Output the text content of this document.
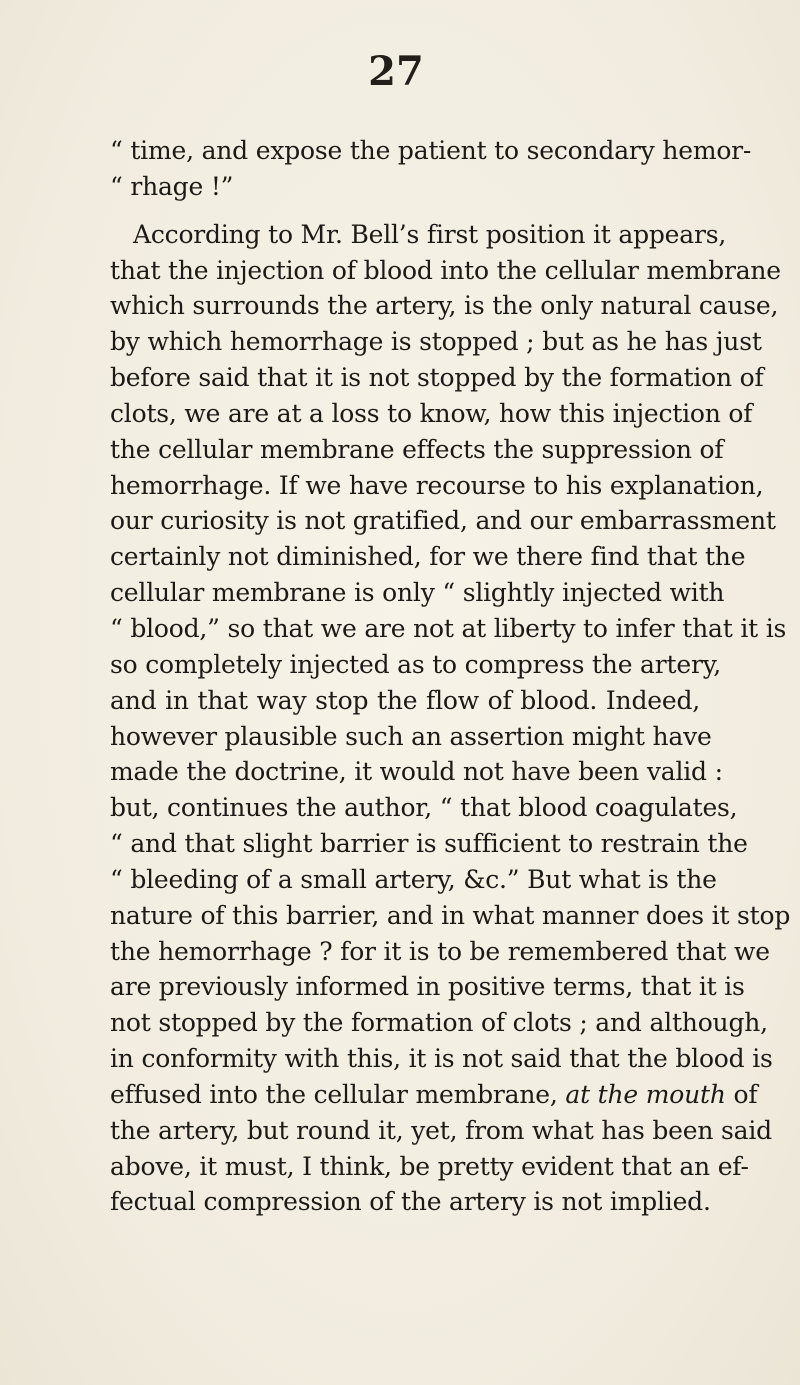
27
“ time, and expose the patient to secondary hemor-
“ rhage !”
According to Mr. Bell’s first position it appears,
that the injection of blood into the cellular membrane
which surrounds the artery, is the only natural cause,
by which hemorrhage is stopped ; but as he has just
before said that it is not stopped by the formation of
clots, we are at a loss to know, how this injection of
the cellular membrane effects the suppression of
hemorrhage. If we have recourse to his explanation,
our curiosity is not gratified, and our embarrassment
certainly not diminished, for we there find that the
cellular membrane is only “ slightly injected with
“ blood,” so that we are not at liberty to infer that it is
so completely injected as to compress the artery,
and in that way stop the flow of blood. Indeed,
however plausible such an assertion might have
made the doctrine, it would not have been valid :
but, continues the author, “ that blood coagulates,
“ and that slight barrier is sufficient to restrain the
“ bleeding of a small artery, &c.” But what is the
nature of this barrier, and in what manner does it stop
the hemorrhage ? for it is to be remembered that we
are previously informed in positive terms, that it is
not stopped by the formation of clots ; and although,
in conformity with this, it is not said that the blood is
effused into the cellular membrane, at the mouth of
the artery, but round it, yet, from what has been said
above, it must, I think, be pretty evident that an ef-
fectual compression of the artery is not implied.
